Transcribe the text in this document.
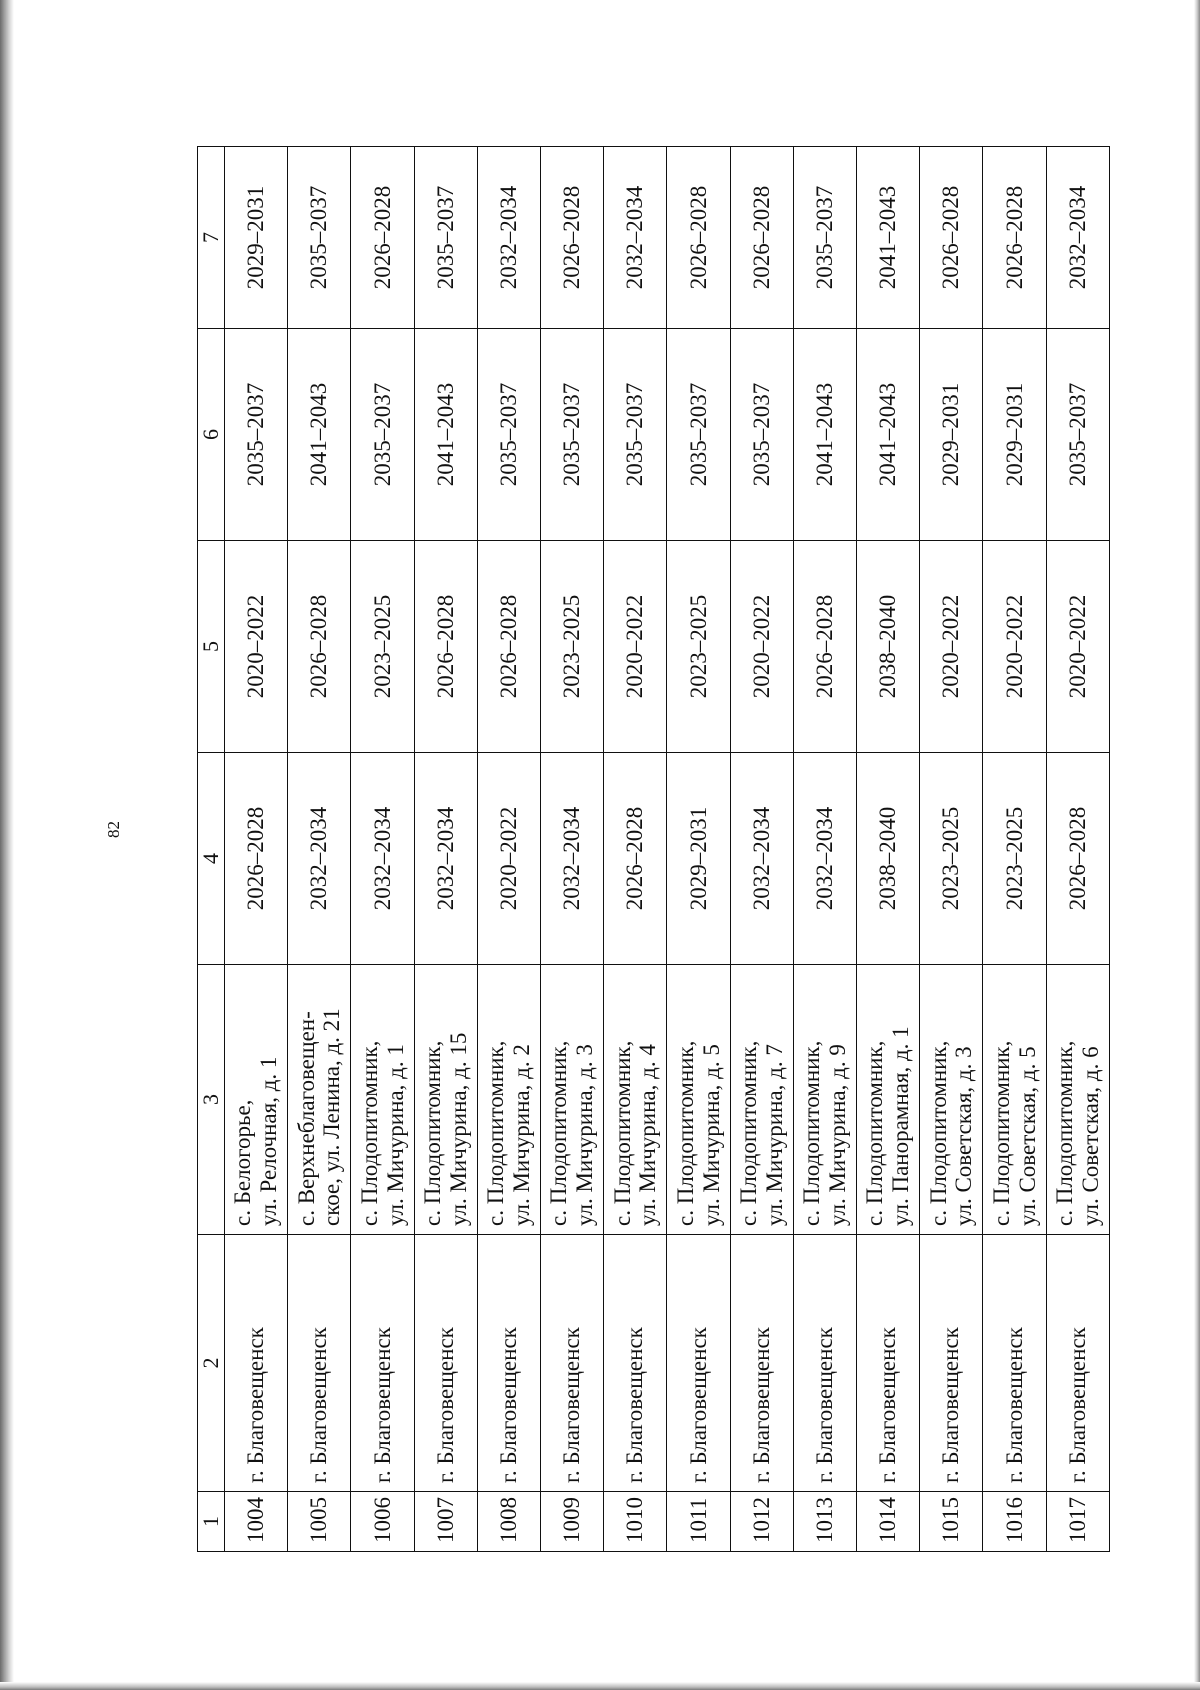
82
1	2	3	4	5	6	7
1004	г. Благовещенск	с. Белогорье, ул. Релочная, д. 1	2026–2028	2020–2022	2035–2037	2029–2031
1005	г. Благовещенск	с. Верхнеблаговещен- ское, ул. Ленина, д. 21	2032–2034	2026–2028	2041–2043	2035–2037
1006	г. Благовещенск	с. Плодопитомник, ул. Мичурина, д. 1	2032–2034	2023–2025	2035–2037	2026–2028
1007	г. Благовещенск	с. Плодопитомник, ул. Мичурина, д. 15	2032–2034	2026–2028	2041–2043	2035–2037
1008	г. Благовещенск	с. Плодопитомник, ул. Мичурина, д. 2	2020–2022	2026–2028	2035–2037	2032–2034
1009	г. Благовещенск	с. Плодопитомник, ул. Мичурина, д. 3	2032–2034	2023–2025	2035–2037	2026–2028
1010	г. Благовещенск	с. Плодопитомник, ул. Мичурина, д. 4	2026–2028	2020–2022	2035–2037	2032–2034
1011	г. Благовещенск	с. Плодопитомник, ул. Мичурина, д. 5	2029–2031	2023–2025	2035–2037	2026–2028
1012	г. Благовещенск	с. Плодопитомник, ул. Мичурина, д. 7	2032–2034	2020–2022	2035–2037	2026–2028
1013	г. Благовещенск	с. Плодопитомник, ул. Мичурина, д. 9	2032–2034	2026–2028	2041–2043	2035–2037
1014	г. Благовещенск	с. Плодопитомник, ул. Панорамная, д. 1	2038–2040	2038–2040	2041–2043	2041–2043
1015	г. Благовещенск	с. Плодопитомник, ул. Советская, д. 3	2023–2025	2020–2022	2029–2031	2026–2028
1016	г. Благовещенск	с. Плодопитомник, ул. Советская, д. 5	2023–2025	2020–2022	2029–2031	2026–2028
1017	г. Благовещенск	с. Плодопитомник, ул. Советская, д. 6	2026–2028	2020–2022	2035–2037	2032–2034
